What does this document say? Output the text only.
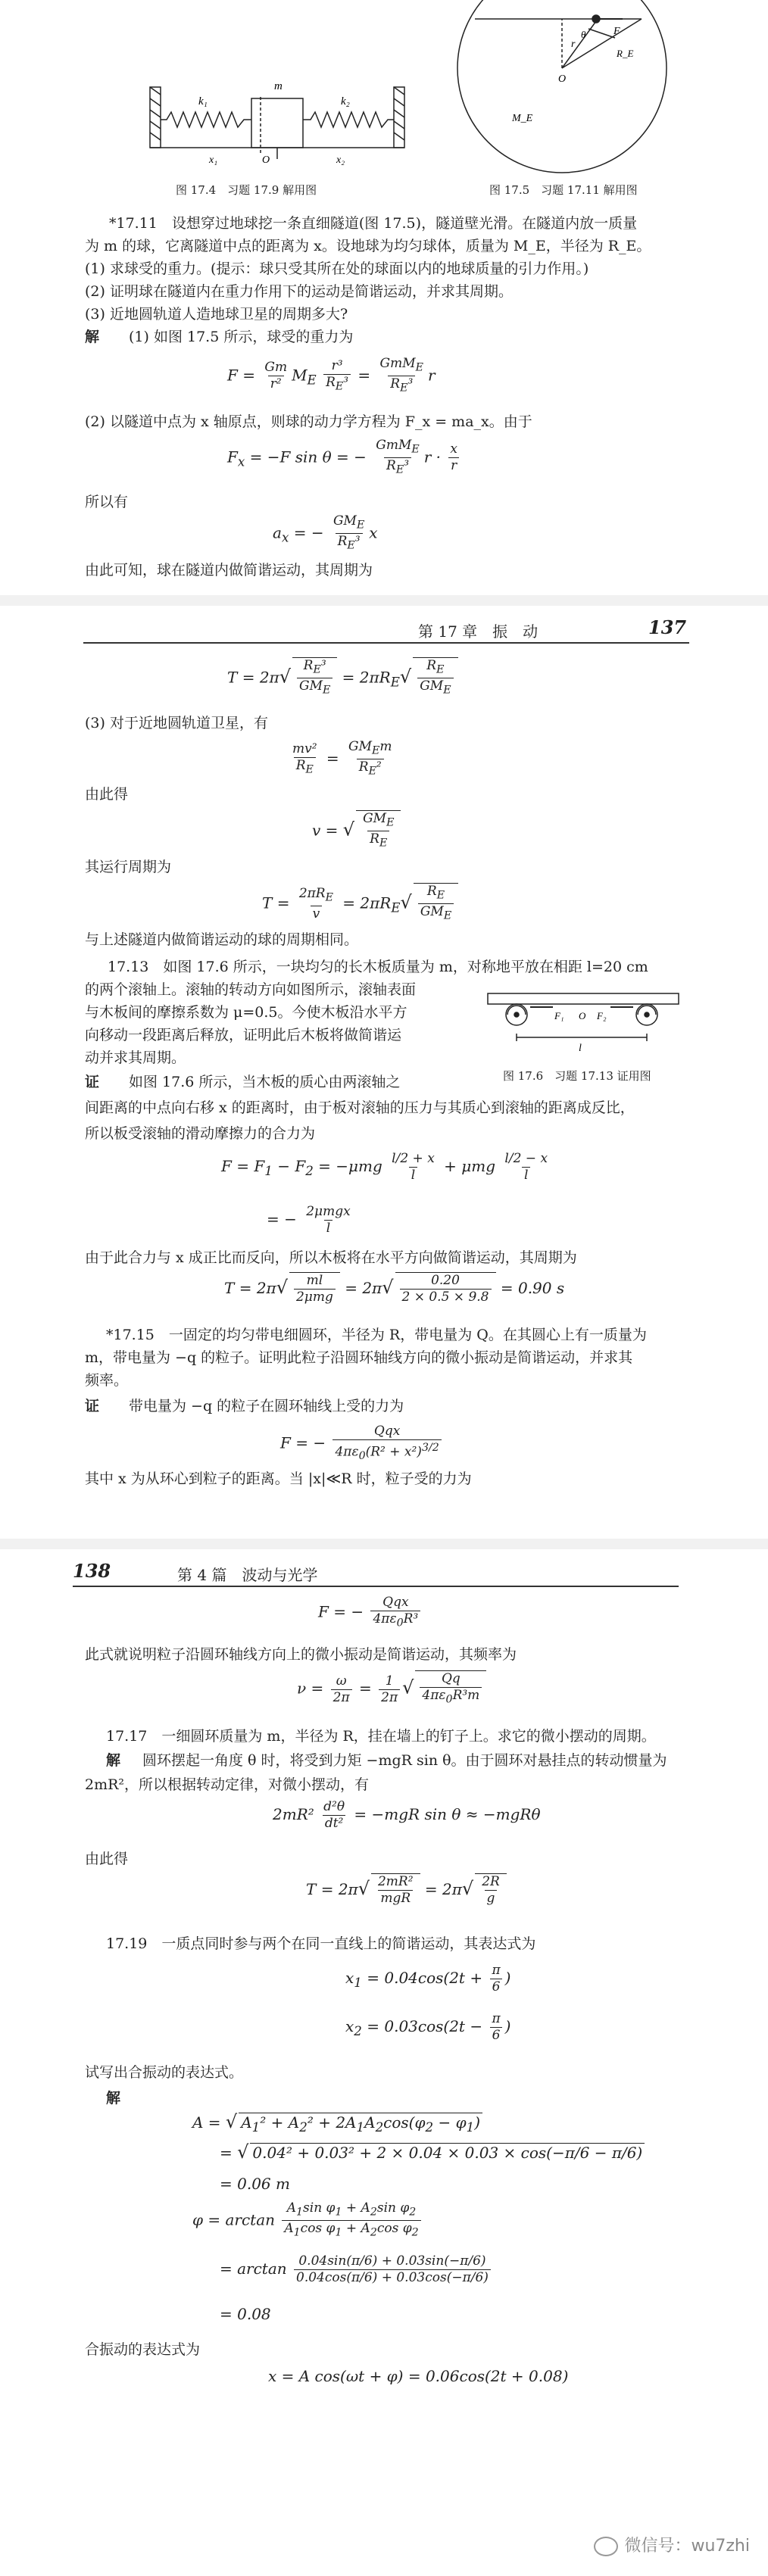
m
k₁	k₂
x₁	O	x₂
图 17.4　习题 17.9 解用图
F
r
R_E
θ
O
M_E
图 17.5　习题 17.11 解用图
*17.11　设想穿过地球挖一条直细隧道(图 17.5)，隧道壁光滑。在隧道内放一质量
为 m 的球，它离隧道中点的距离为 x。设地球为均匀球体，质量为 M_E，半径为 R_E。
(1) 求球受的重力。(提示：球只受其所在处的球面以内的地球质量的引力作用。)
(2) 证明球在隧道内在重力作用下的运动是简谐运动，并求其周期。
(3) 近地圆轨道人造地球卫星的周期多大?
解 (1) 如图 17.5 所示，球受的重力为
$F = \frac{Gm}{\text{r²}} M_E \frac{\text{r³}}{R_E^3} = \frac{GmM_E}{R_E^3}$ r
(2) 以隧道中点为 x 轴原点，则球的动力学方程为 F_x = ma_x。由于
$F_x = -F$ sin θ = − $\frac{GmM_E}{R_E^3}$ $r \cdot \frac{x}{r}$
所以有
$a_x$ = − $\frac{GM_E}{R_E^3}$ x
由此可知，球在隧道内做简谐运动，其周期为
第 17 章　振　动	137
$T = 2\pi√ \frac{R_E^3}{GM_E} = 2\pi R_E√ \frac{R_E}{GM_E}$
(3) 对于近地圆轨道卫星，有
$\frac{\text{mv²}}{R_E} = \frac{GM_Em}{R_E^2}$
由此得
v = √ $\frac{GM_E}{R_E}$
其运行周期为
$T = \frac{2\pi R_E}{v} = 2\pi R_E√ \frac{R_E}{GM_E}$
与上述隧道内做简谐运动的球的周期相同。
17.13　如图 17.6 所示，一块均匀的长木板质量为 m，对称地平放在相距 l=20 cm
的两个滚轴上。滚轴的转动方向如图所示，滚轴表面
与木板间的摩擦系数为 μ=0.5。今使木板沿水平方
向移动一段距离后释放，证明此后木板将做简谐运
动并求其周期。
F₁ O F₂
l
图 17.6　习题 17.13 证用图
证 如图 17.6 所示，当木板的质心由两滚轴之
间距离的中点向右移 x 的距离时，由于板对滚轴的压力与其质心到滚轴的距离成反比，
所以板受滚轴的滑动摩擦力的合力为
$F = F_1 - F_2 = -\mu mg \frac{l/2 + x}{l} + \mu mg \frac{l/2 - x}{l}$
= − $\frac{\text{2μmgx}}{l}$
由于此合力与 x 成正比而反向，所以木板将在水平方向做简谐运动，其周期为
$T = 2\pi√ \frac{ml}{\text{2μmg}} = 2\pi√ \frac{0.20}{2 \times 0.5 \times 9.8} = 0.90$ s
*17.15　一固定的均匀带电细圆环，半径为 R，带电量为 Q。在其圆心上有一质量为
m，带电量为 −q 的粒子。证明此粒子沿圆环轴线方向的微小振动是简谐运动，并求其
频率。
证 带电量为 −q 的粒子在圆环轴线上受的力为
F = − $\frac{\text{Qqx}}{4\pi\varepsilon_0(R^2 + x^2)^{3/2}}$
其中 x 为从环心到粒子的距离。当 |x|≪R 时，粒子受的力为
138	第 4 篇　波动与光学
F = − $\frac{\text{Qqx}}{4\pi\varepsilon_0R^3}$
此式就说明粒子沿圆环轴线方向上的微小振动是简谐运动，其频率为
$\nu = \frac{\omega}{2\pi} = \frac{1}{2\pi}$ √ $\frac{Qq}{4\pi\varepsilon_0R^3m}$
17.17　一细圆环质量为 m，半径为 R，挂在墙上的钉子上。求它的微小摆动的周期。
解 圆环摆起一角度 θ 时，将受到力矩 −mgR sin θ。由于圆环对悬挂点的转动惯量为
2mR²，所以根据转动定律，对微小摆动，有
$2mR^2 \frac{\text{d²θ}}{\text{dt²}} = -mgR$ sin θ ≈ −mgRθ
由此得
$T = 2\pi√ \frac{\text{2mR²}}{\text{mgR}} = 2\pi√ \frac{2R}{g}$
17.19　一质点同时参与两个在同一直线上的简谐运动，其表达式为
$x_1 = 0.04\cos(2t + \frac{\pi}{6}$ )
$x_2 = 0.03\cos(2t - \frac{\pi}{6}$ )
试写出合振动的表达式。
解
A = √ $A_1^2 + A_2^2 + 2A_1A_2\cos(\varphi_2 - \varphi_1)$
= √ 0.04² + 0.03² + 2 × 0.04 × 0.03 × cos(−π/6 − π/6)
= 0.06 m
$\varphi = \arctan \frac{A_1\sin \varphi_1 + A_2\sin \varphi_2}{A_1\cos \varphi_1 + A_2\cos \varphi_2}$
= $\arctan \frac{0.04\sin(\pi/6) + 0.03\sin(-\pi/6)}{0.04\cos(\pi/6) + 0.03\cos(-\pi/6)}$
= 0.08
合振动的表达式为
x = A cos(ωt + φ) = 0.06cos(2t + 0.08)
微信号：wu7zhi
